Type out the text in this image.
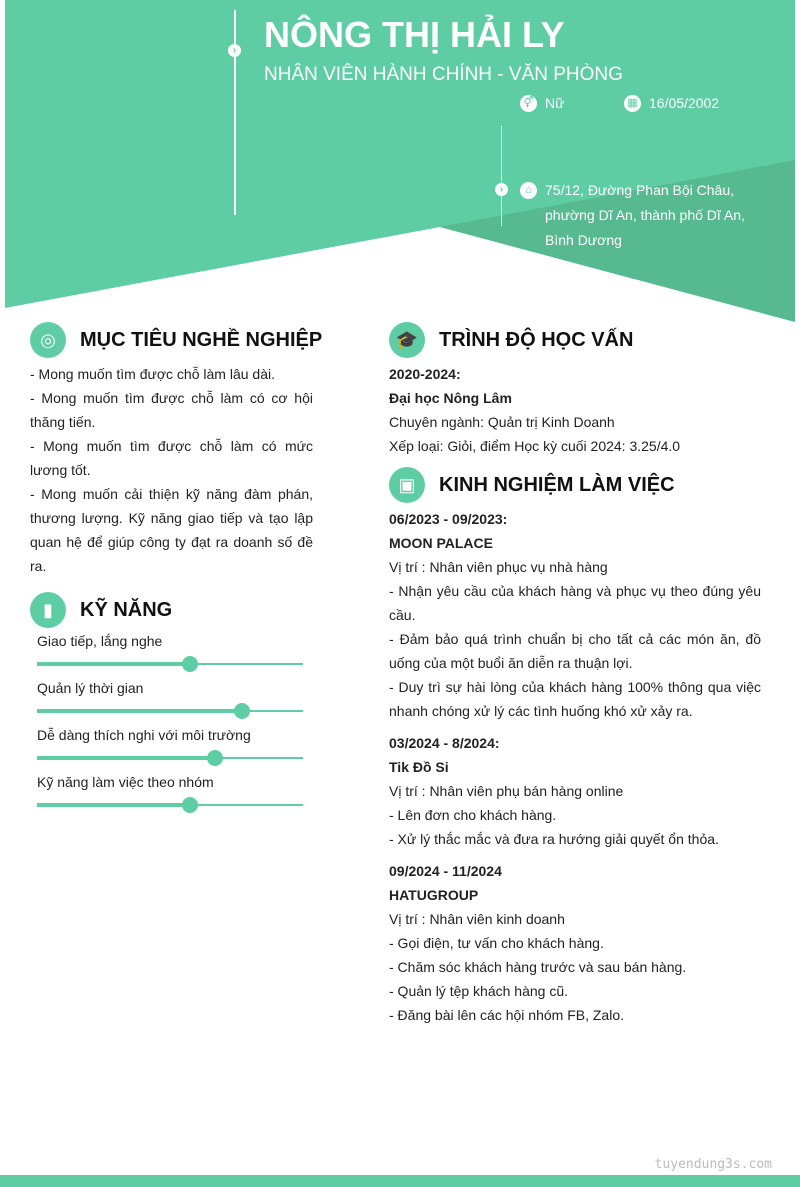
›
›
NÔNG THỊ HẢI LY
NHÂN VIÊN HÀNH CHÍNH - VĂN PHÒNG
⚥ Nữ	▦ 16/05/2002
⌂ 75/12, Đường Phan Bội Châu, phường Dĩ An, thành phố Dĩ An, Bình Dương
◎	MỤC TIÊU NGHỀ NGHIỆP
- Mong muốn tìm được chỗ làm lâu dài.
- Mong muốn tìm được chỗ làm có cơ hội thăng tiến.
- Mong muốn tìm được chỗ làm có mức lương tốt.
- Mong muốn cải thiện kỹ năng đàm phán, thương lượng. Kỹ năng giao tiếp và tạo lập quan hệ để giúp công ty đạt ra doanh số đề ra.
▮	KỸ NĂNG
Giao tiếp, lắng nghe
Quản lý thời gian
Dễ dàng thích nghi với môi trường
Kỹ năng làm việc theo nhóm
🎓	TRÌNH ĐỘ HỌC VẤN
2020-2024:
Đại học Nông Lâm
Chuyên ngành: Quản trị Kinh Doanh
Xếp loại: Giỏi, điểm Học kỳ cuối 2024: 3.25/4.0
▣	KINH NGHIỆM LÀM VIỆC
06/2023 - 09/2023:
MOON PALACE
Vị trí : Nhân viên phục vụ nhà hàng
- Nhận yêu cầu của khách hàng và phục vụ theo đúng yêu cầu.
- Đảm bảo quá trình chuẩn bị cho tất cả các món ăn, đồ uống của một buổi ăn diễn ra thuận lợi.
- Duy trì sự hài lòng của khách hàng 100% thông qua việc nhanh chóng xử lý các tình huống khó xử xảy ra.
03/2024 - 8/2024:
Tik Đồ Si
Vị trí : Nhân viên phụ bán hàng online
- Lên đơn cho khách hàng.
- Xử lý thắc mắc và đưa ra hướng giải quyết ổn thỏa.
09/2024 - 11/2024
HATUGROUP
Vị trí : Nhân viên kinh doanh
- Gọi điện, tư vấn cho khách hàng.
- Chăm sóc khách hàng trước và sau bán hàng.
- Quản lý tệp khách hàng cũ.
- Đăng bài lên các hội nhóm FB, Zalo.
tuyendung3s.com
